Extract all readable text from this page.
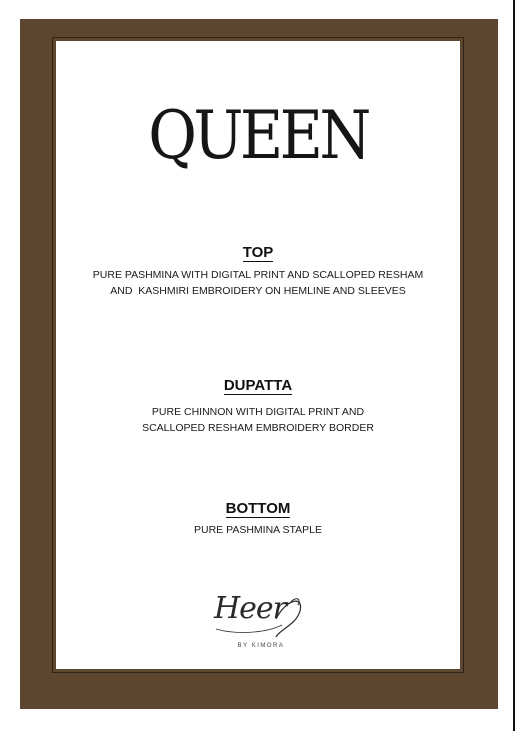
QUEEN
TOP
PURE PASHMINA WITH DIGITAL PRINT AND SCALLOPED RESHAM
AND  KASHMIRI EMBROIDERY ON HEMLINE AND SLEEVES
DUPATTA
PURE CHINNON WITH DIGITAL PRINT AND
SCALLOPED RESHAM EMBROIDERY BORDER
BOTTOM
PURE PASHMINA STAPLE
Heer
BY KIMORA
